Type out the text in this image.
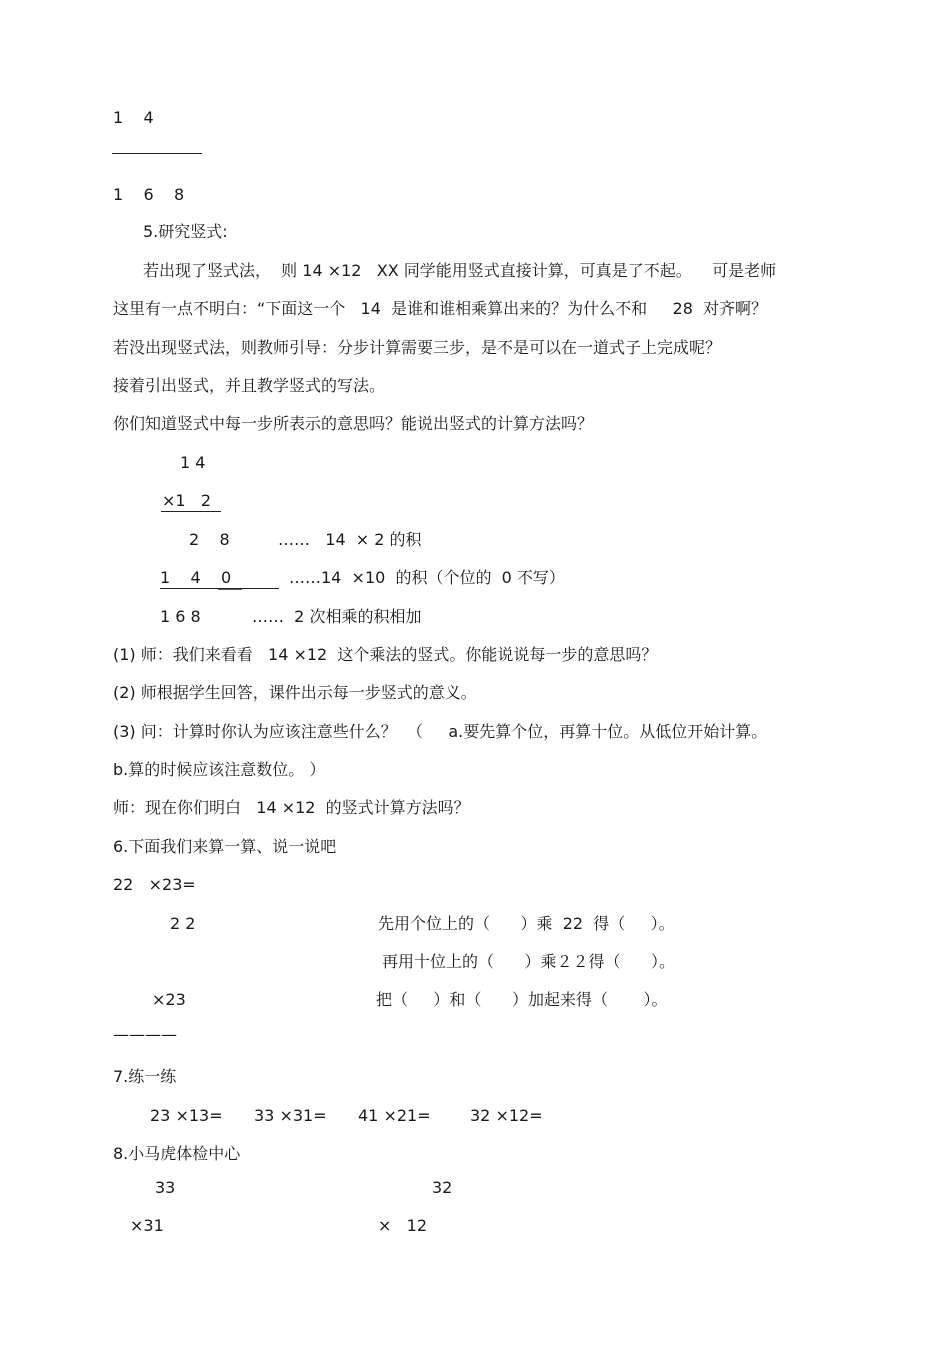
1    4
1    6    8
5.研究竖式:
若出现了竖式法，  则 14 ×12   XX 同学能用竖式直接计算，可真是了不起。    可是老师
这里有一点不明白：“下面这一个   14  是谁和谁相乘算出来的？为什么不和     28  对齐啊？
若没出现竖式法，则教师引导：分步计算需要三步，是不是可以在一道式子上完成呢？
接着引出竖式，并且教学竖式的写法。
你们知道竖式中每一步所表示的意思吗？能说出竖式的计算方法吗？
1 4
×1   2
2    8	……   14  × 2 的积
1    4    0	……14  ×10  的积（个位的  0 不写）
1 6 8	……  2 次相乘的积相加
(1) 师：我们来看看   14 ×12  这个乘法的竖式。你能说说每一步的意思吗？
(2) 师根据学生回答，课件出示每一步竖式的意义。
(3) 问：计算时你认为应该注意些什么？  （     a.要先算个位，再算十位。从低位开始计算。
b.算的时候应该注意数位。 ）
师：现在你们明白   14 ×12  的竖式计算方法吗？
6.下面我们来算一算、说一说吧
22   ×23=
2 2	先用个位上的（      ）乘  22  得（     ）。
再用十位上的（      ）乘２２得（      ）。
×23	把（     ）和（      ）加起来得（       ）。
————
7.练一练
23 ×13= 33 ×31= 41 ×21= 32 ×12=
8.小马虎体检中心
33	32
×31	×   12
